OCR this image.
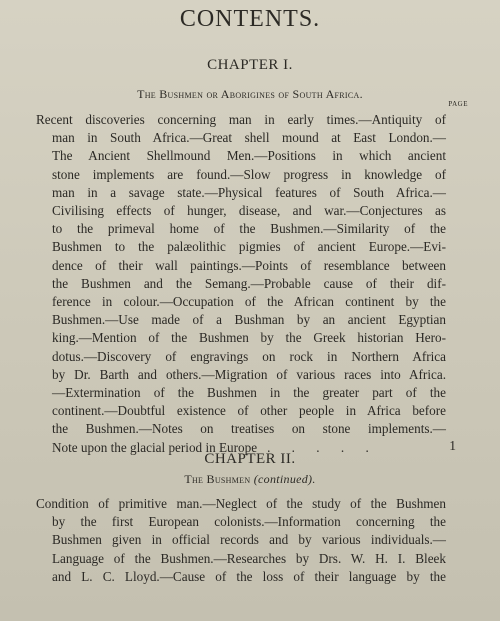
CONTENTS.
CHAPTER I.
The Bushmen or Aborigines of South Africa.
PAGE
Recent discoveries concerning man in early times.—Antiquity of
man in South Africa.—Great shell mound at East London.—
The Ancient Shellmound Men.—Positions in which ancient
stone implements are found.—Slow progress in knowledge of
man in a savage state.—Physical features of South Africa.—
Civilising effects of hunger, disease, and war.—Conjectures as
to the primeval home of the Bushmen.—Similarity of the
Bushmen to the palæolithic pigmies of ancient Europe.—Evi-
dence of their wall paintings.—Points of resemblance between
the Bushmen and the Semang.—Probable cause of their dif-
ference in colour.—Occupation of the African continent by the
Bushmen.—Use made of a Bushman by an ancient Egyptian
king.—Mention of the Bushmen by the Greek historian Hero-
dotus.—Discovery of engravings on rock in Northern Africa
by Dr. Barth and others.—Migration of various races into Africa.
—Extermination of the Bushmen in the greater part of the
continent.—Doubtful existence of other people in Africa before
the Bushmen.—Notes on treatises on stone implements.—
Note upon the glacial period in Europe . . . . .	1
CHAPTER II.
The Bushmen (continued).
Condition of primitive man.—Neglect of the study of the Bushmen
by the first European colonists.—Information concerning the
Bushmen given in official records and by various individuals.—
Language of the Bushmen.—Researches by Drs. W. H. I. Bleek
and L. C. Lloyd.—Cause of the loss of their language by the
